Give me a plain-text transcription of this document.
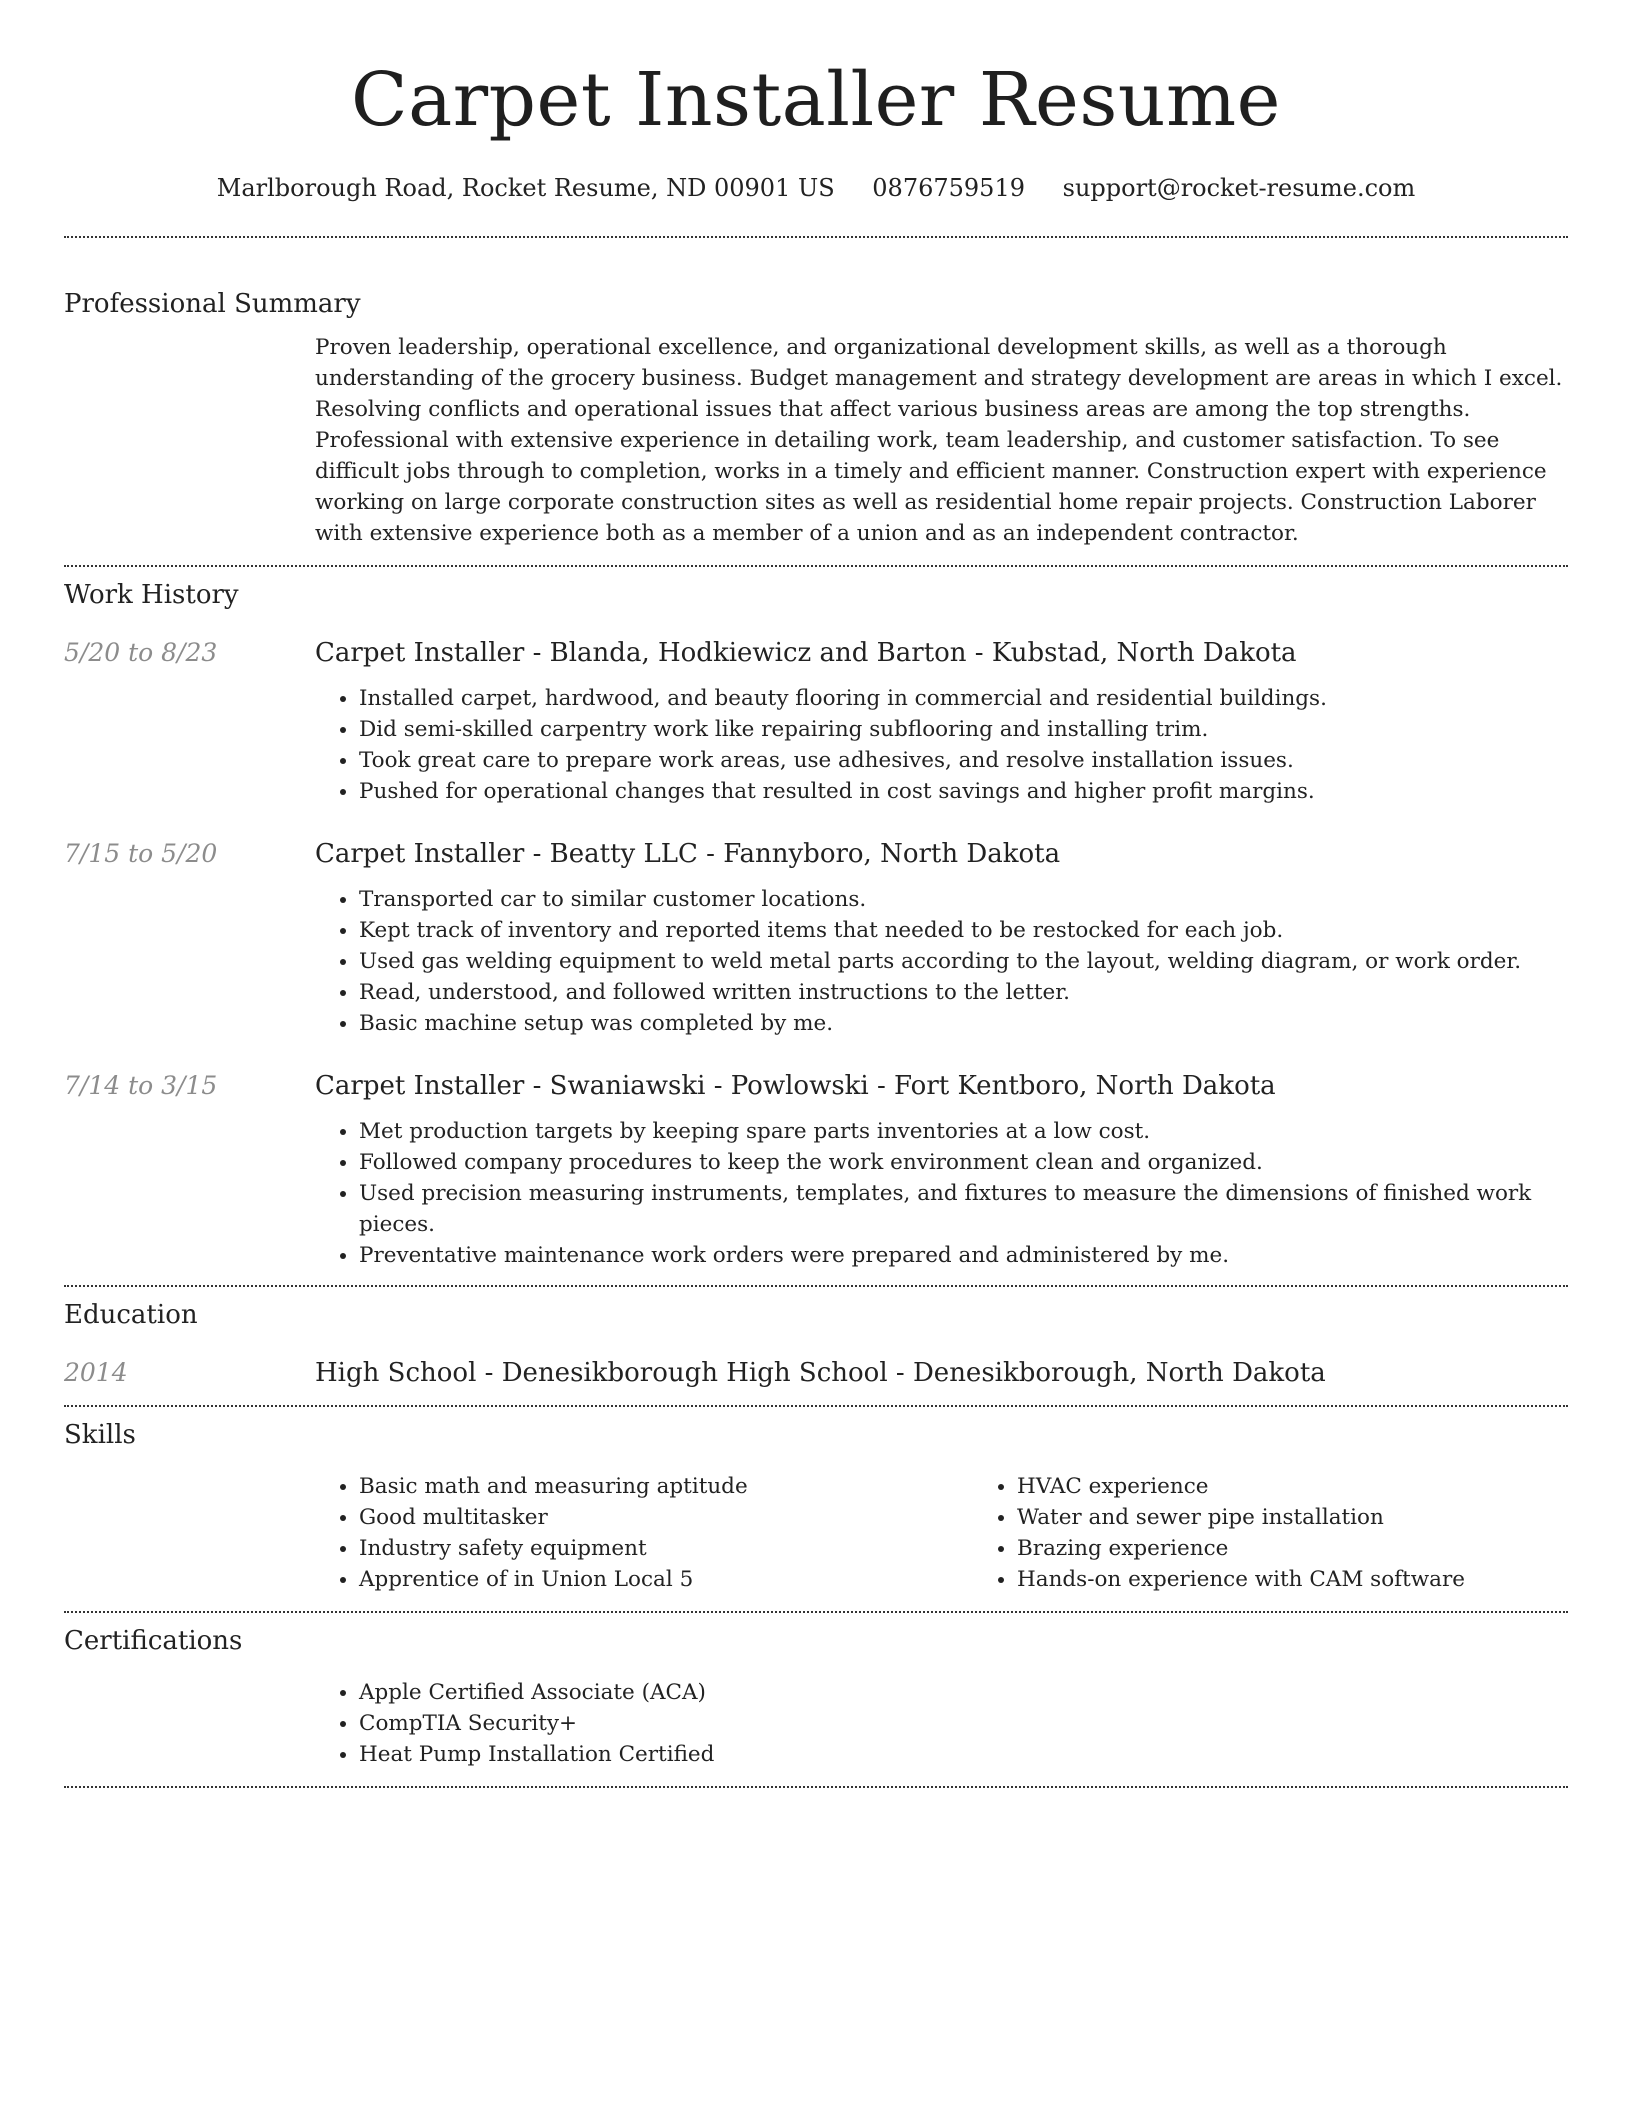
Carpet Installer Resume
Marlborough Road, Rocket Resume, ND 00901 US 0876759519 support@rocket-resume.com
Professional Summary

Proven leadership, operational excellence, and organizational development skills, as well as a thorough understanding of the grocery business. Budget management and strategy development are areas in which I excel. Resolving conflicts and operational issues that affect various business areas are among the top strengths. Professional with extensive experience in detailing work, team leadership, and customer satisfaction. To see difficult jobs through to completion, works in a timely and efficient manner. Construction expert with experience working on large corporate construction sites as well as residential home repair projects. Construction Laborer with extensive experience both as a member of a union and as an independent contractor.

Work History
5/20 to 8/23	Carpet Installer - Blanda, Hodkiewicz and Barton - Kubstad, North Dakota
• Installed carpet, hardwood, and beauty flooring in commercial and residential buildings.
• Did semi-skilled carpentry work like repairing subflooring and installing trim.
• Took great care to prepare work areas, use adhesives, and resolve installation issues.
• Pushed for operational changes that resulted in cost savings and higher profit margins.
7/15 to 5/20	Carpet Installer - Beatty LLC - Fannyboro, North Dakota
• Transported car to similar customer locations.
• Kept track of inventory and reported items that needed to be restocked for each job.
• Used gas welding equipment to weld metal parts according to the layout, welding diagram, or work order.
• Read, understood, and followed written instructions to the letter.
• Basic machine setup was completed by me.
7/14 to 3/15	Carpet Installer - Swaniawski - Powlowski - Fort Kentboro, North Dakota
• Met production targets by keeping spare parts inventories at a low cost.
• Followed company procedures to keep the work environment clean and organized.
• Used precision measuring instruments, templates, and fixtures to measure the dimensions of finished work pieces.
• Preventative maintenance work orders were prepared and administered by me.
Education
2014	High School - Denesikborough High School - Denesikborough, North Dakota
Skills
• Basic math and measuring aptitude
• Good multitasker
• Industry safety equipment
• Apprentice of in Union Local 5
• HVAC experience
• Water and sewer pipe installation
• Brazing experience
• Hands-on experience with CAM software
Certifications
• Apple Certified Associate (ACA)
• CompTIA Security+
• Heat Pump Installation Certified
